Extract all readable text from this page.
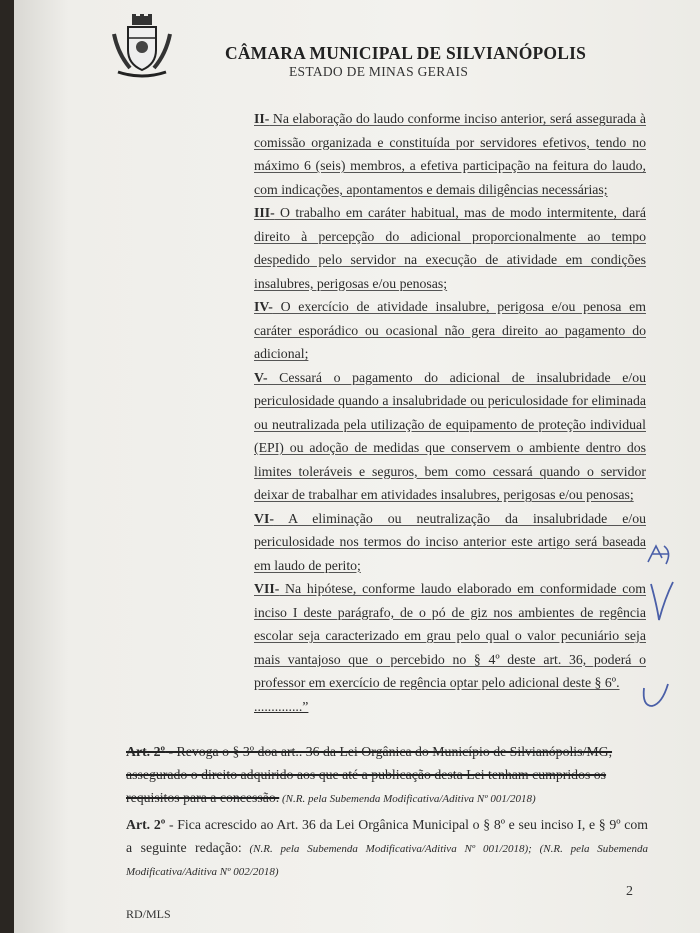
CÂMARA MUNICIPAL DE SILVIANÓPOLIS
ESTADO DE MINAS GERAIS

II- Na elaboração do laudo conforme inciso anterior, será assegurada à comissão organizada e constituída por servidores efetivos, tendo no máximo 6 (seis) membros, a efetiva participação na feitura do laudo, com indicações, apontamentos e demais diligências necessárias;

III- O trabalho em caráter habitual, mas de modo intermitente, dará direito à percepção do adicional proporcionalmente ao tempo despedido pelo servidor na execução de atividade em condições insalubres, perigosas e/ou penosas;

IV- O exercício de atividade insalubre, perigosa e/ou penosa em caráter esporádico ou ocasional não gera direito ao pagamento do adicional;

V- Cessará o pagamento do adicional de insalubridade e/ou periculosidade quando a insalubridade ou periculosidade for eliminada ou neutralizada pela utilização de equipamento de proteção individual (EPI) ou adoção de medidas que conservem o ambiente dentro dos limites toleráveis e seguros, bem como cessará quando o servidor deixar de trabalhar em atividades insalubres, perigosas e/ou penosas;

VI- A eliminação ou neutralização da insalubridade e/ou periculosidade nos termos do inciso anterior este artigo será baseada em laudo de perito;

VII- Na hipótese, conforme laudo elaborado em conformidade com inciso I deste parágrafo, de o pó de giz nos ambientes de regência escolar seja caracterizado em grau pelo qual o valor pecuniário seja mais vantajoso que o percebido no § 4º deste art. 36, poderá o professor em exercício de regência optar pelo adicional deste § 6º.

..............”

Art. 2º - Revoga o § 3º doa art.. 36 da Lei Orgânica do Município de Silvianópolis/MG, assegurado o direito adquirido aos que até a publicação desta Lei tenham cumpridos os requisitos para a concessão. (N.R. pela Subemenda Modificativa/Aditiva Nº 001/2018)

Art. 2º - Fica acrescido ao Art. 36 da Lei Orgânica Municipal o § 8º e seu inciso I, e § 9º com a seguinte redação: (N.R. pela Subemenda Modificativa/Aditiva Nº 001/2018); (N.R. pela Subemenda Modificativa/Aditiva Nº 002/2018)

2
RD/MLS
